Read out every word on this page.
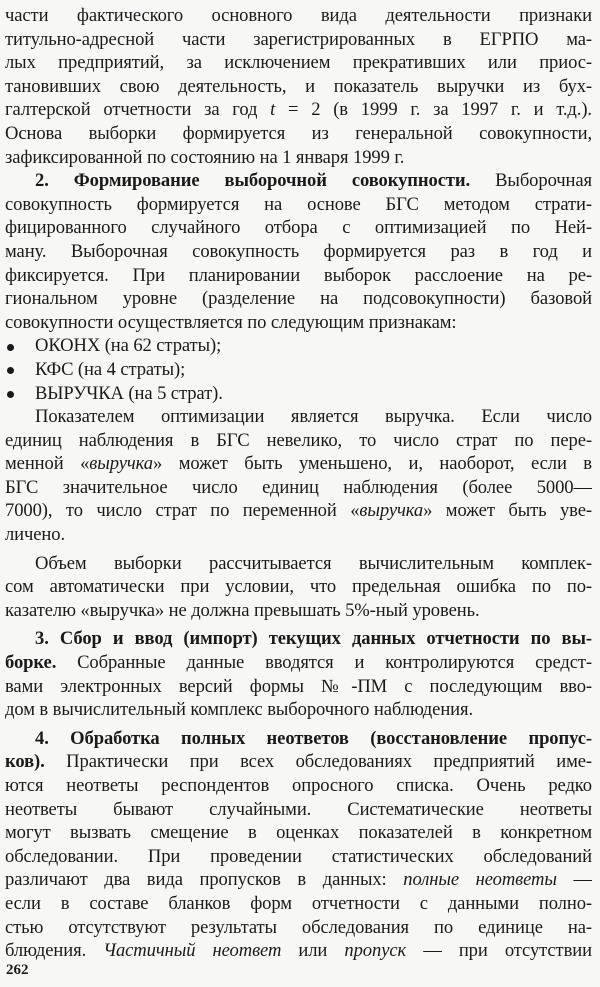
части фактического основного вида деятельности признаки
титульно-адресной части зарегистрированных в ЕГРПО ма-
лых предприятий, за исключением прекративших или приос-
тановивших свою деятельность, и показатель выручки из бух-
галтерской отчетности за год t = 2 (в 1999 г. за 1997 г. и т.д.).
Основа выборки формируется из генеральной совокупности,
зафиксированной по состоянию на 1 января 1999 г.
2. Формирование выборочной совокупности. Выборочная
совокупность формируется на основе БГС методом страти-
фицированного случайного отбора с оптимизацией по Ней-
ману. Выборочная совокупность формируется раз в год и
фиксируется. При планировании выборок расслоение на ре-
гиональном уровне (разделение на подсовокупности) базовой
совокупности осуществляется по следующим признакам:
ОКОНХ (на 62 страты);
КФС (на 4 страты);
ВЫРУЧКА (на 5 страт).
Показателем оптимизации является выручка. Если число
единиц наблюдения в БГС невелико, то число страт по пере-
менной «выручка» может быть уменьшено, и, наоборот, если в
БГС значительное число единиц наблюдения (более 5000—
7000), то число страт по переменной «выручка» может быть уве-
личено.
Объем выборки рассчитывается вычислительным комплек-
сом автоматически при условии, что предельная ошибка по по-
казателю «выручка» не должна превышать 5%-ный уровень.
3. Сбор и ввод (импорт) текущих данных отчетности по вы-
борке. Собранные данные вводятся и контролируются средст-
вами электронных версий формы №-ПМ с последующим вво-
дом в вычислительный комплекс выборочного наблюдения.
4. Обработка полных неответов (восстановление пропус-
ков). Практически при всех обследованиях предприятий име-
ются неответы респондентов опросного списка. Очень редко
неответы бывают случайными. Систематические неответы
могут вызвать смещение в оценках показателей в конкретном
обследовании. При проведении статистических обследований
различают два вида пропусков в данных: полные неответы —
если в составе бланков форм отчетности с данными полно-
стью отсутствуют результаты обследования по единице на-
блюдения. Частичный неответ или пропуск — при отсутствии
262
